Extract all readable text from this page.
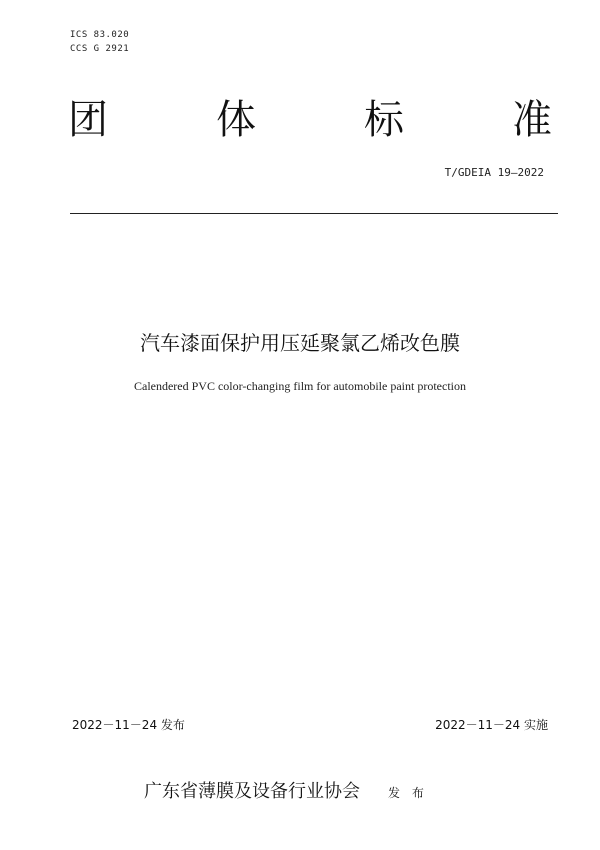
ICS 83.020
CCS G 2921
团	体	标	准
T/GDEIA 19—2022
汽车漆面保护用压延聚氯乙烯改色膜
Calendered PVC color-changing film for automobile paint protection
2022－11－24 发布	2022－11－24 实施
广东省薄膜及设备行业协会 发 布
